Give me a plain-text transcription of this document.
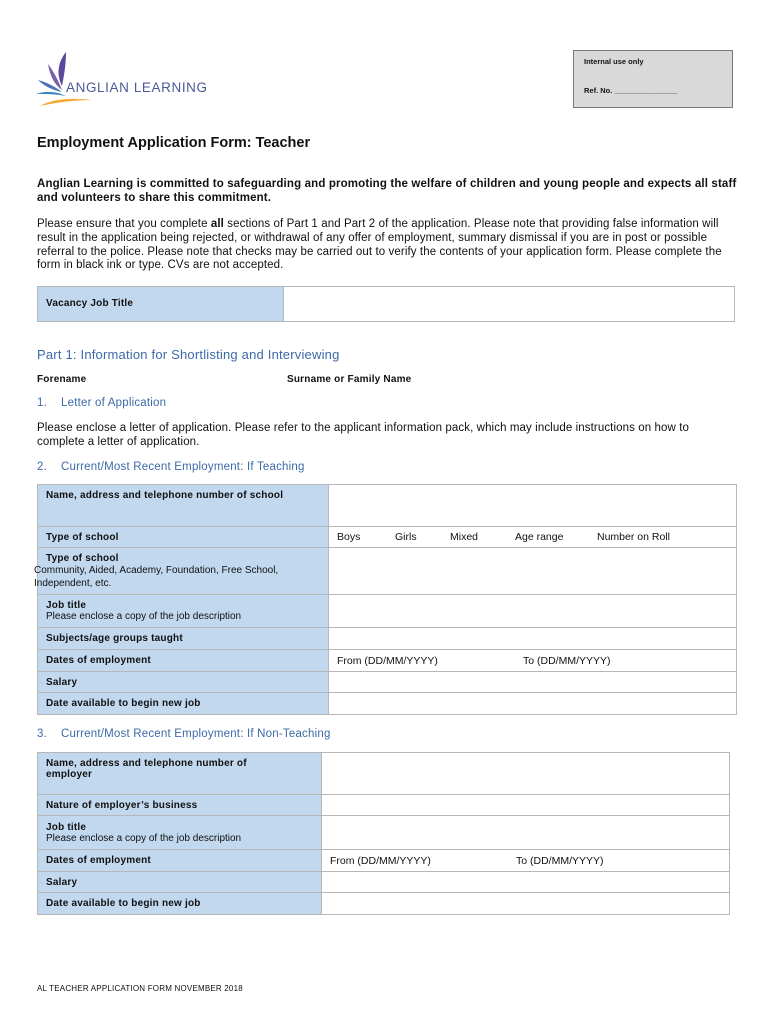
ANGLIAN LEARNING
Internal use only
Ref. No. _______________
Employment Application Form: Teacher
Anglian Learning is committed to safeguarding and promoting the welfare of children and young people and expects all staff and volunteers to share this commitment.
Please ensure that you complete all sections of Part 1 and Part 2 of the application. Please note that providing false information will result in the application being rejected, or withdrawal of any offer of employment, summary dismissal if you are in post or possible referral to the police. Please note that checks may be carried out to verify the contents of your application form. Please complete the form in black ink or type. CVs are not accepted.
Vacancy Job Title
Part 1: Information for Shortlisting and Interviewing
Forename	Surname or Family Name
1. Letter of Application
Please enclose a letter of application. Please refer to the applicant information pack, which may include instructions on how to complete a letter of application.
2. Current/Most Recent Employment: If Teaching
Name, address and telephone number of school	
Type of school	Boys Girls Mixed Age range Number on Roll

Type of school
Community, Aided, Academy, Foundation, Free School, Independent, etc.	

Job title
Please enclose a copy of the job description	

Subjects/age groups taught	
Dates of employment	From (DD/MM/YYYY) To (DD/MM/YYYY)

Salary	
Date available to begin new job	
3. Current/Most Recent Employment: If Non-Teaching
Name, address and telephone number of employer	
Nature of employer’s business	
Job title
Please enclose a copy of the job description	

Dates of employment	From (DD/MM/YYYY) To (DD/MM/YYYY)

Salary	
Date available to begin new job	
AL TEACHER APPLICATION FORM NOVEMBER 2018
